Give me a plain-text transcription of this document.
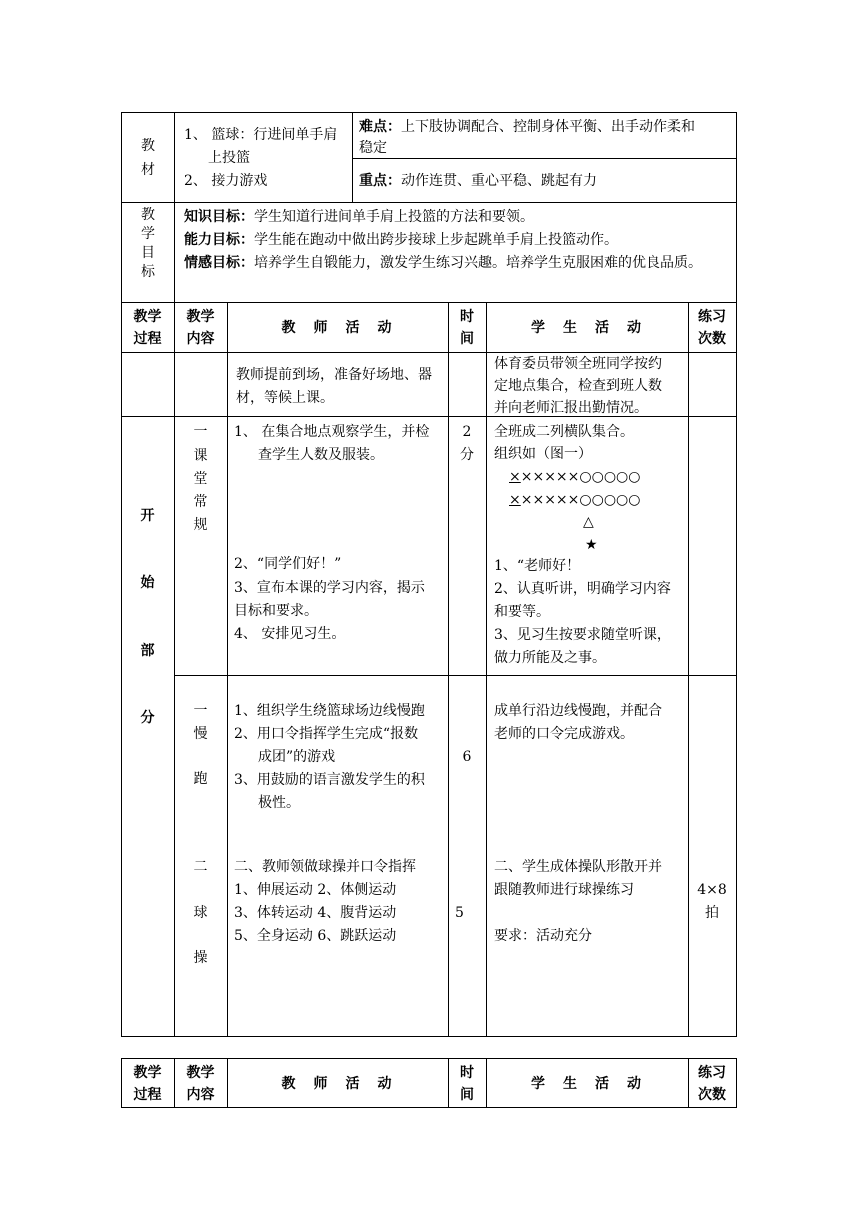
教材
1、 篮球：行进间单手肩
上投篮
2、 接力游戏
难点：上下肢协调配合、控制身体平衡、出手动作柔和
稳定
重点：动作连贯、重心平稳、跳起有力
教学目标
知识目标：学生知道行进间单手肩上投篮的方法和要领。
能力目标：学生能在跑动中做出跨步接球上步起跳单手肩上投篮动作。
情感目标：培养学生自锻能力，激发学生练习兴趣。培养学生克服困难的优良品质。
教学
过程
教学
内容
教　师　活　动
时
间
学　生　活　动
练习
次数
教师提前到场，准备好场地、器
材，等候上课。
体育委员带领全班同学按约
定地点集合，检查到班人数
并向老师汇报出勤情况。
开
始
部
分
一
课
堂
常
规
1、 在集合地点观察学生，并检
查学生人数及服装。
2、“同学们好！”
3、宣布本课的学习内容，揭示
目标和要求。
4、 安排见习生。
2
分
全班成二列横队集合。
组织如（图一）
××××××○○○○○
××××××○○○○○
△
★
1、“老师好！
2、认真听讲，明确学习内容
和要等。
3、见习生按要求随堂听课，
做力所能及之事。
一
慢
跑
1、组织学生绕篮球场边线慢跑
2、用口令指挥学生完成“报数
成团”的游戏
3、用鼓励的语言激发学生的积
极性。
6
成单行沿边线慢跑，并配合
老师的口令完成游戏。
二
球
操
二、教师领做球操并口令指挥
1、伸展运动 2、体侧运动
3、体转运动 4、腹背运动
5、全身运动 6、跳跃运动
5
二、学生成体操队形散开并
跟随教师进行球操练习
要求：活动充分
4×8
拍
教学
过程
教学
内容
教　师　活　动
时
间
学　生　活　动
练习
次数
